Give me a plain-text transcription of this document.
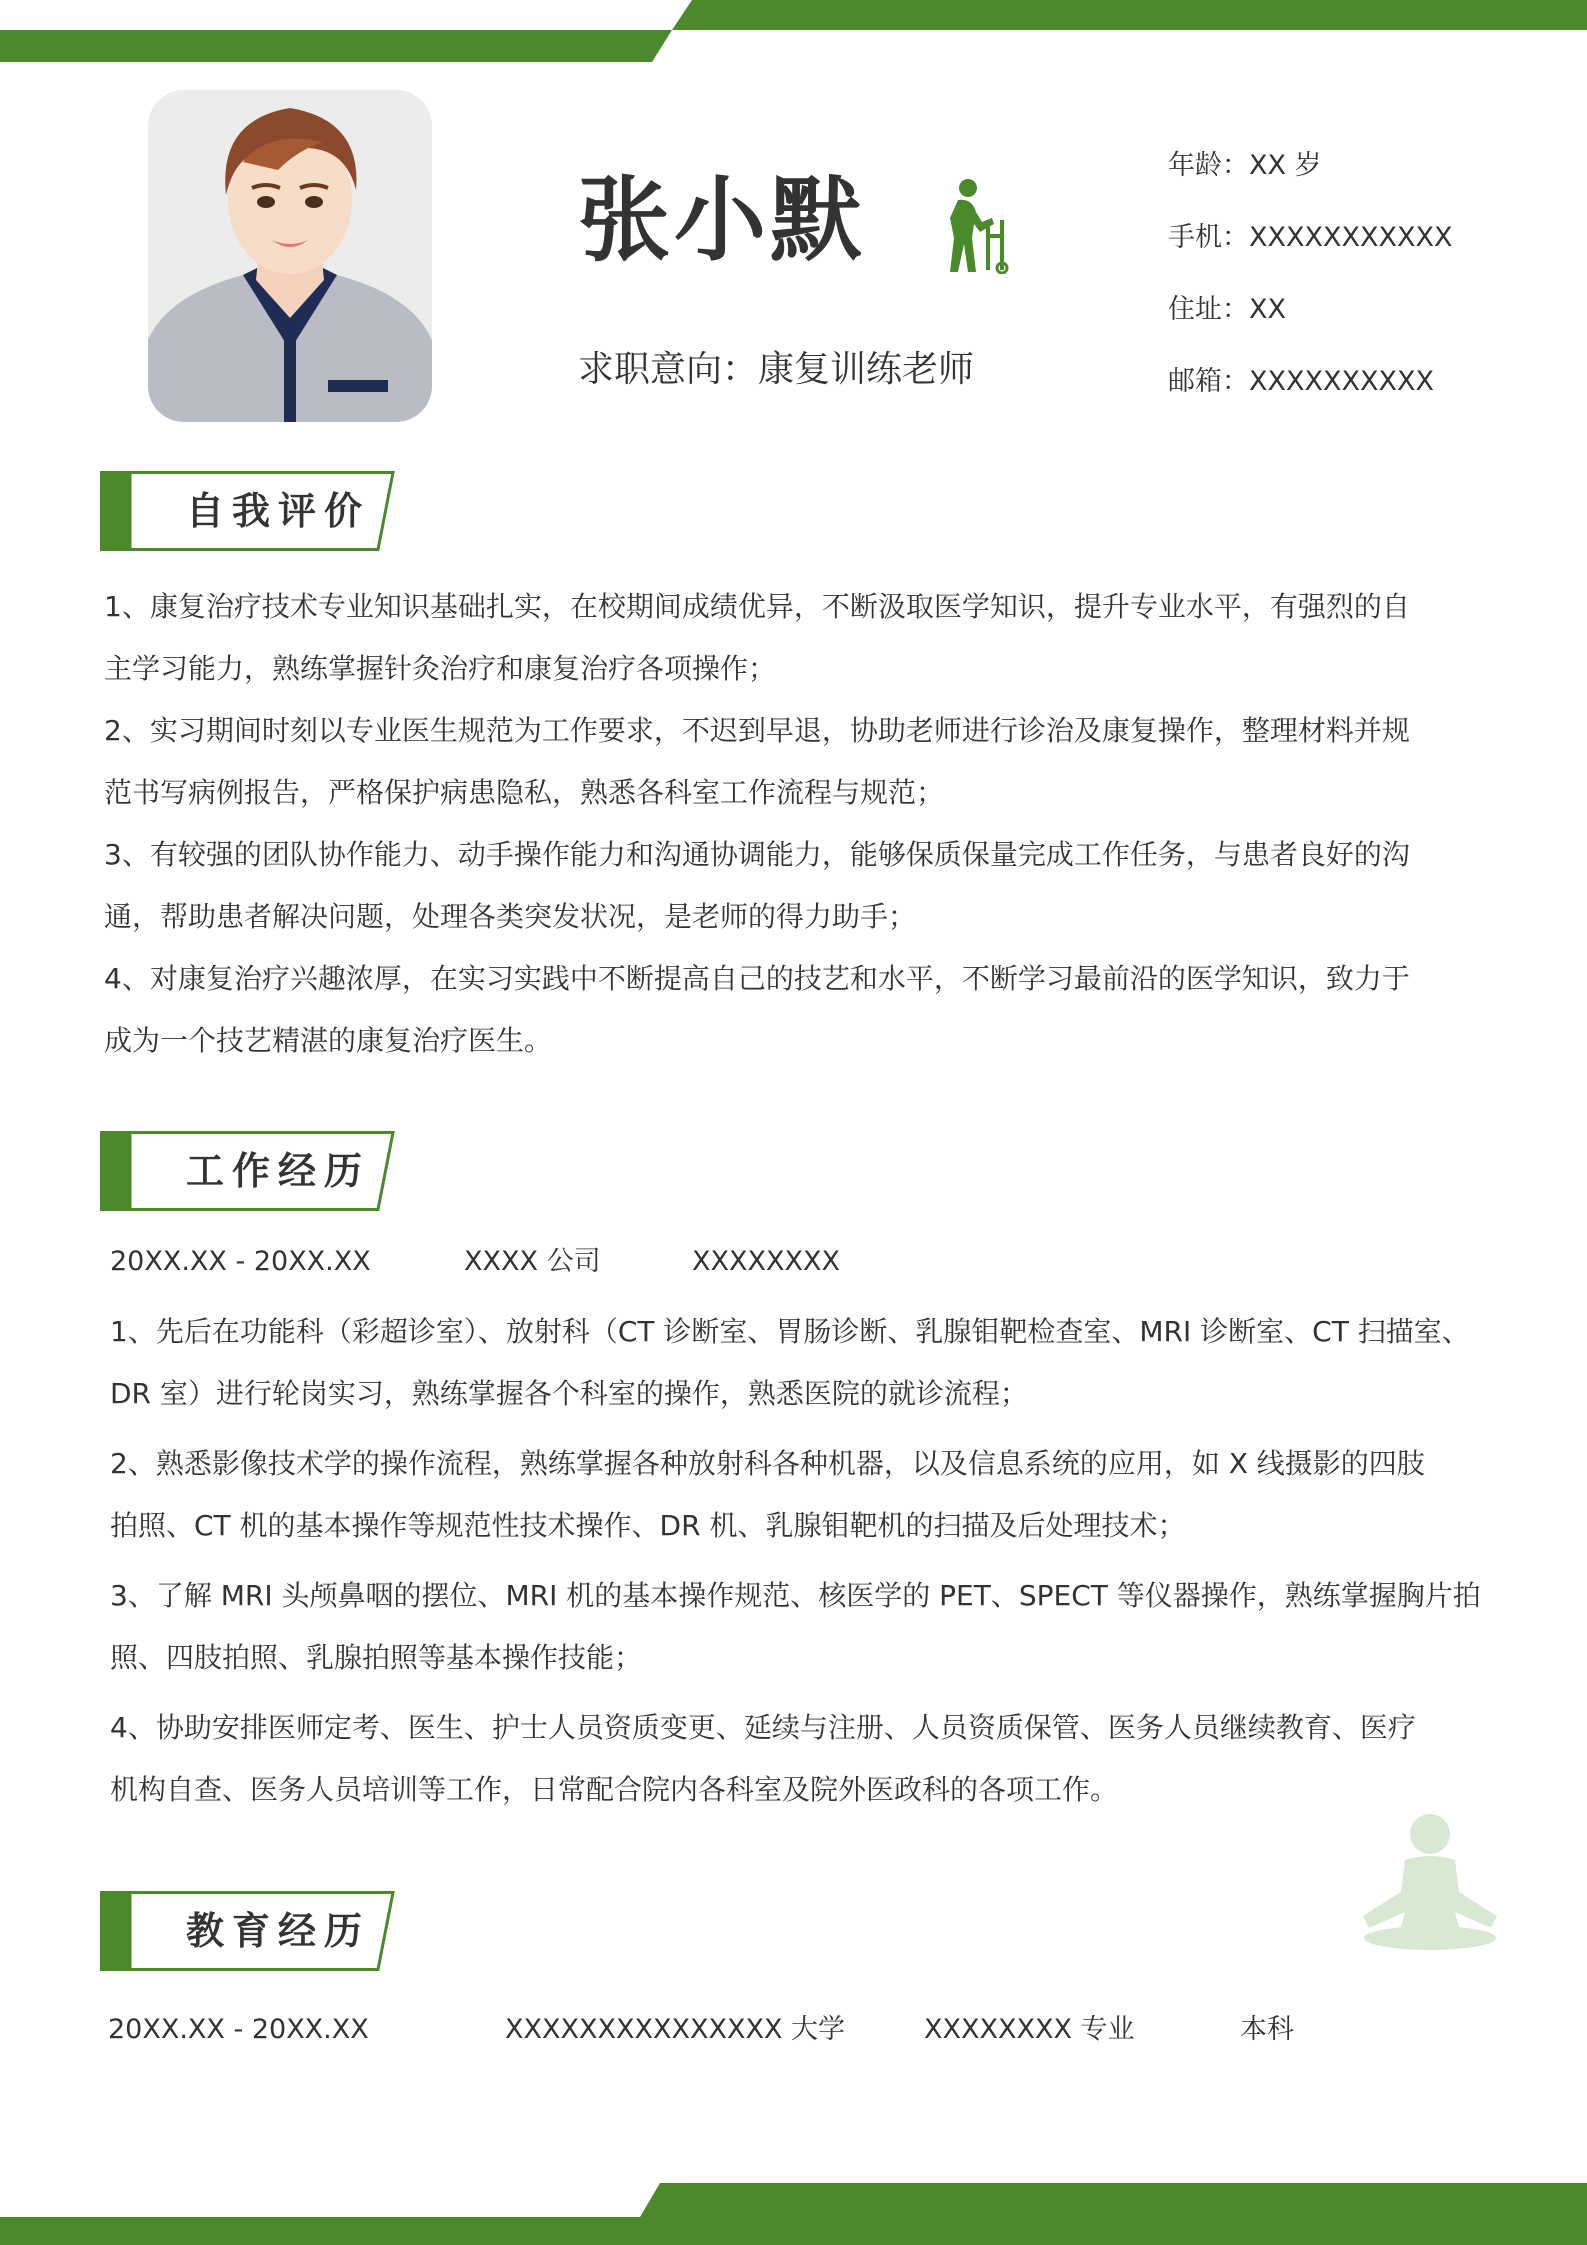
张小默
求职意向：康复训练老师
年龄：XX 岁
手机：XXXXXXXXXXX
住址：XX
邮箱：XXXXXXXXXX
自我评价
1、康复治疗技术专业知识基础扎实，在校期间成绩优异，不断汲取医学知识，提升专业水平，有强烈的自
主学习能力，熟练掌握针灸治疗和康复治疗各项操作；
2、实习期间时刻以专业医生规范为工作要求，不迟到早退，协助老师进行诊治及康复操作，整理材料并规
范书写病例报告，严格保护病患隐私，熟悉各科室工作流程与规范；
3、有较强的团队协作能力、动手操作能力和沟通协调能力，能够保质保量完成工作任务，与患者良好的沟
通，帮助患者解决问题，处理各类突发状况，是老师的得力助手；
4、对康复治疗兴趣浓厚，在实习实践中不断提高自己的技艺和水平，不断学习最前沿的医学知识，致力于
成为一个技艺精湛的康复治疗医生。
工作经历
20XX.XX - 20XX.XX	XXXX 公司	XXXXXXXX
1、先后在功能科（彩超诊室）、放射科（CT 诊断室、胃肠诊断、乳腺钼靶检查室、MRI 诊断室、CT 扫描室、
DR 室）进行轮岗实习，熟练掌握各个科室的操作，熟悉医院的就诊流程；
2、熟悉影像技术学的操作流程，熟练掌握各种放射科各种机器，以及信息系统的应用，如 X 线摄影的四肢
拍照、CT 机的基本操作等规范性技术操作、DR 机、乳腺钼靶机的扫描及后处理技术；
3、了解 MRI 头颅鼻咽的摆位、MRI 机的基本操作规范、核医学的 PET、SPECT 等仪器操作，熟练掌握胸片拍
照、四肢拍照、乳腺拍照等基本操作技能；
4、协助安排医师定考、医生、护士人员资质变更、延续与注册、人员资质保管、医务人员继续教育、医疗
机构自查、医务人员培训等工作，日常配合院内各科室及院外医政科的各项工作。
教育经历
20XX.XX - 20XX.XX	XXXXXXXXXXXXXXX 大学	XXXXXXXX 专业	本科
